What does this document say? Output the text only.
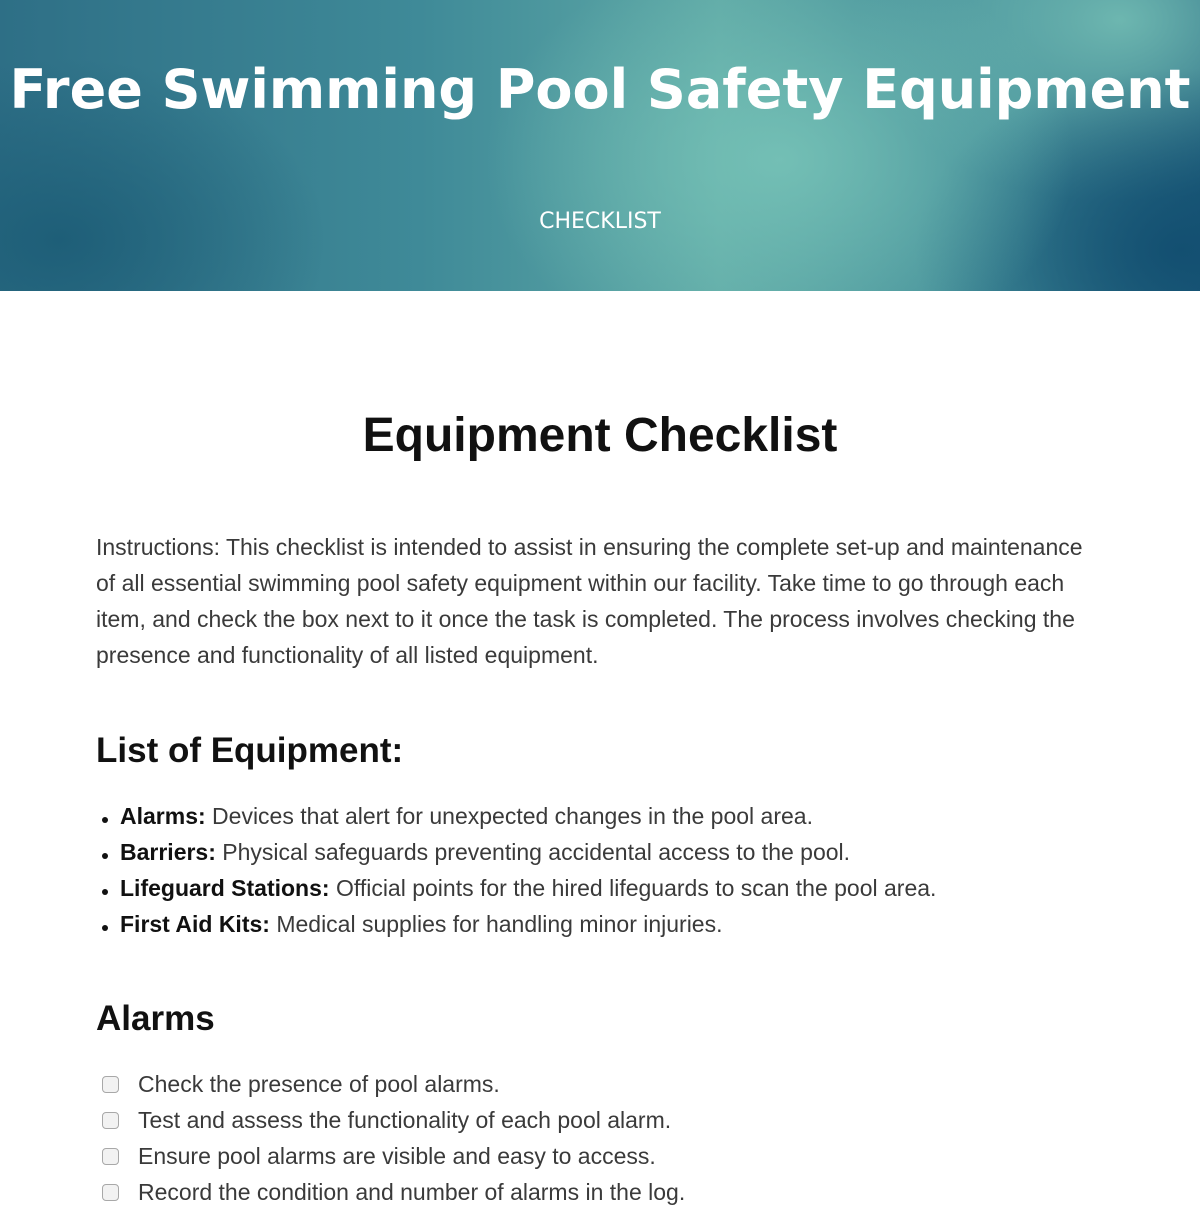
Free Swimming Pool Safety Equipment

CHECKLIST

Equipment Checklist

Instructions: This checklist is intended to assist in ensuring the complete set-up and maintenance of all essential swimming pool safety equipment within our facility. Take time to go through each item, and check the box next to it once the task is completed. The process involves checking the presence and functionality of all listed equipment.

List of Equipment:
Alarms: Devices that alert for unexpected changes in the pool area.
Barriers: Physical safeguards preventing accidental access to the pool.
Lifeguard Stations: Official points for the hired lifeguards to scan the pool area.
First Aid Kits: Medical supplies for handling minor injuries.
Alarms
Check the presence of pool alarms.
Test and assess the functionality of each pool alarm.
Ensure pool alarms are visible and easy to access.
Record the condition and number of alarms in the log.
